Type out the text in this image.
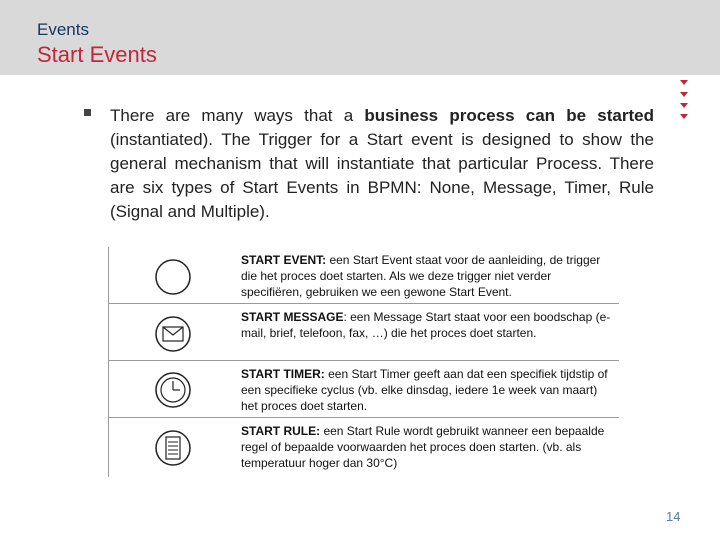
Events
Start Events
There are many ways that a business process can be started (instantiated). The Trigger for a Start event is designed to show the general mechanism that will instantiate that particular Process. There are six types of Start Events in BPMN: None, Message, Timer, Rule (Signal and Multiple).
START EVENT: een Start Event staat voor de aanleiding, de trigger die het proces doet starten. Als we deze trigger niet verder specifiëren, gebruiken we een gewone Start Event.
START MESSAGE: een Message Start staat voor een boodschap (e-mail, brief, telefoon, fax, …) die het proces doet starten.
START TIMER: een Start Timer geeft aan dat een specifiek tijdstip of een specifieke cyclus (vb. elke dinsdag, iedere 1e week van maart) het proces doet starten.
START RULE: een Start Rule wordt gebruikt wanneer een bepaalde regel of bepaalde voorwaarden het proces doen starten. (vb. als temperatuur hoger dan 30°C)
14
